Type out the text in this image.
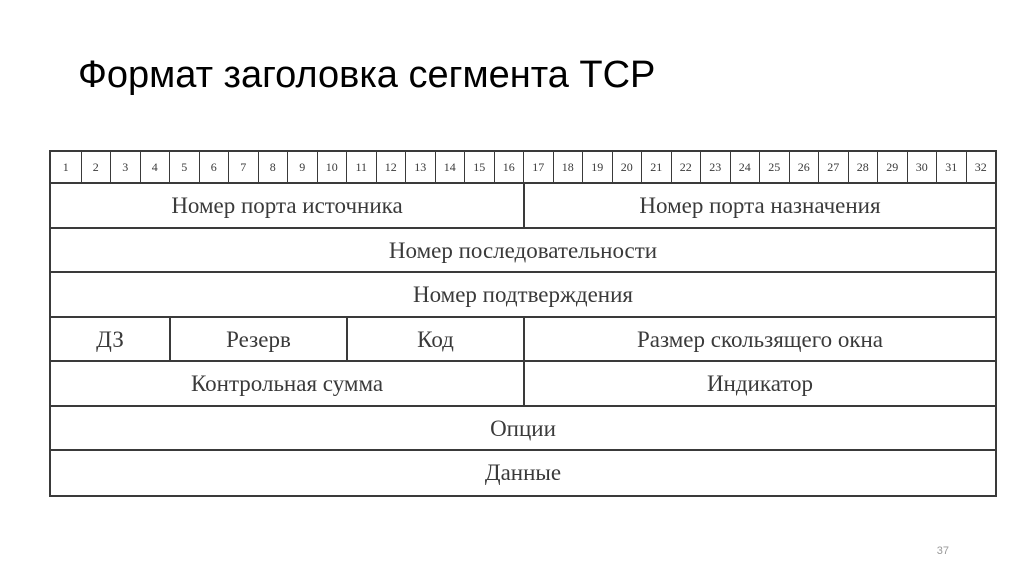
Формат заголовка сегмента TCP
1	2	3	4	5	6	7	8	9	10	11	12	13	14	15	16	17	18	19	20	21	22	23	24	25	26	27	28	29	30	31	32
Номер порта источника	Номер порта назначения
Номер последовательности
Номер подтверждения
ДЗ	Резерв	Код	Размер скользящего окна
Контрольная сумма	Индикатор
Опции
Данные
37
